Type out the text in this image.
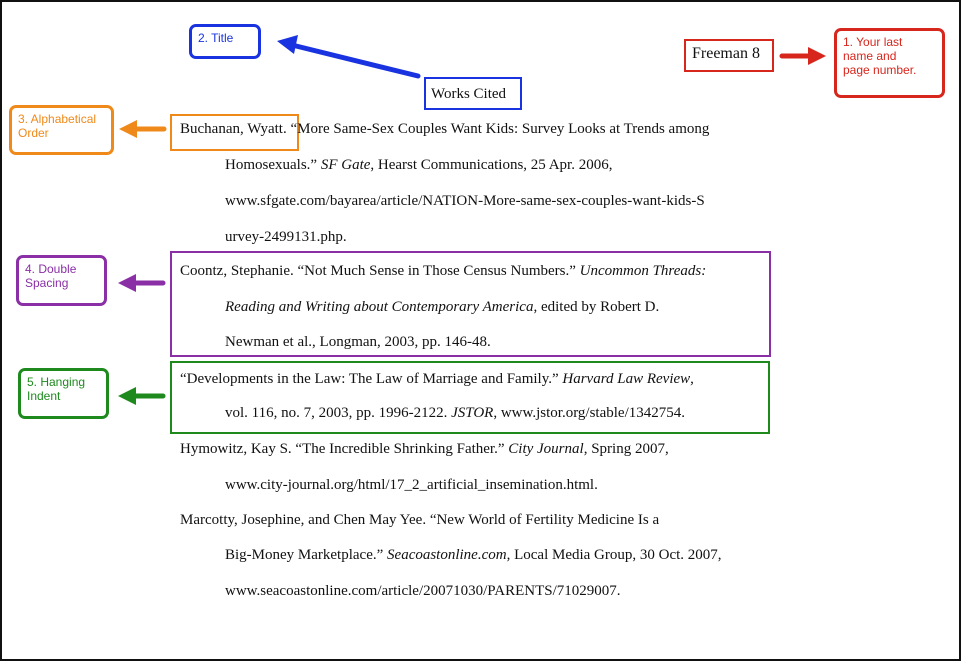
Freeman 8
Works Cited
1. Your last
name and
page number.
2. Title
3. Alphabetical
Order
4. Double
Spacing
5. Hanging
Indent
Buchanan, Wyatt. “More Same-Sex Couples Want Kids: Survey Looks at Trends among
Homosexuals.” SF Gate, Hearst Communications, 25 Apr. 2006,
www.sfgate.com/bayarea/article/NATION-More-same-sex-couples-want-kids-S
urvey-2499131.php.
Coontz, Stephanie. “Not Much Sense in Those Census Numbers.” Uncommon Threads:
Reading and Writing about Contemporary America, edited by Robert D.
Newman et al., Longman, 2003, pp. 146-48.
“Developments in the Law: The Law of Marriage and Family.” Harvard Law Review,
vol. 116, no. 7, 2003, pp. 1996-2122. JSTOR, www.jstor.org/stable/1342754.
Hymowitz, Kay S. “The Incredible Shrinking Father.” City Journal, Spring 2007,
www.city-journal.org/html/17_2_artificial_insemination.html.
Marcotty, Josephine, and Chen May Yee. “New World of Fertility Medicine Is a
Big-Money Marketplace.” Seacoastonline.com, Local Media Group, 30 Oct. 2007,
www.seacoastonline.com/article/20071030/PARENTS/71029007.
